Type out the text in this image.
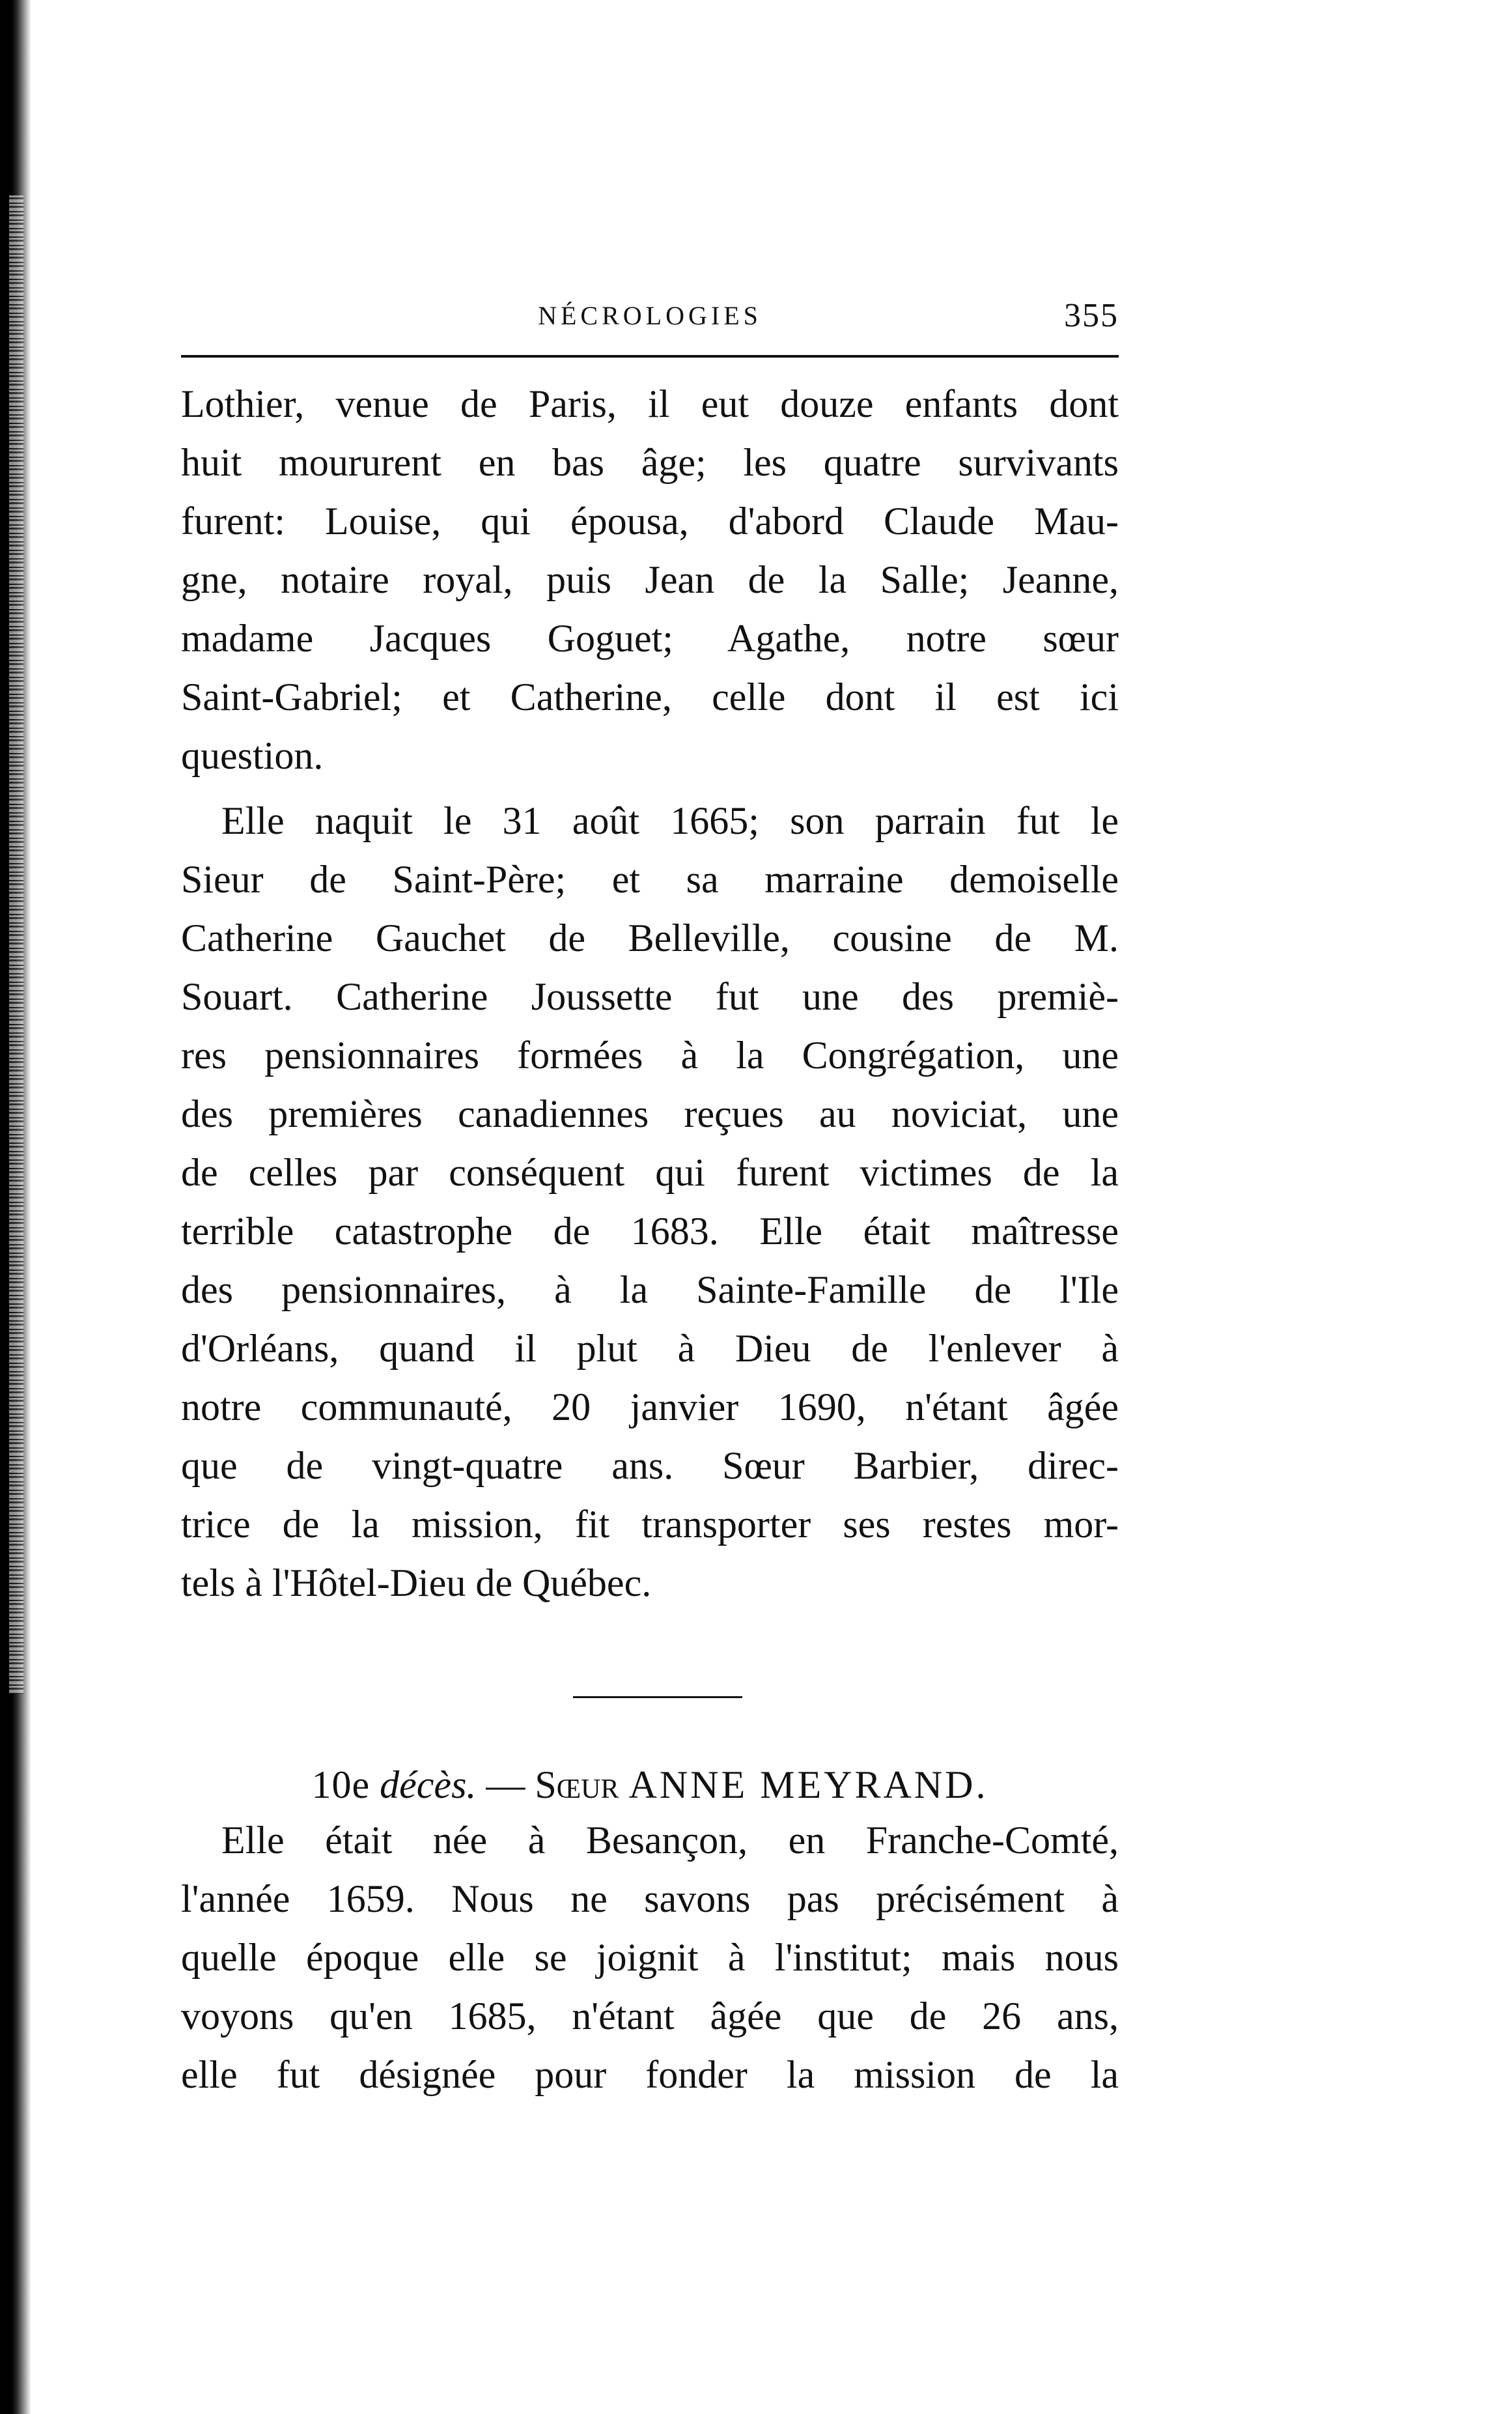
NÉCROLOGIES	355
Lothier, venue de Paris, il eut douze enfants dont
huit moururent en bas âge; les quatre survivants
furent: Louise, qui épousa, d'abord Claude Mau-
gne, notaire royal, puis Jean de la Salle; Jeanne,
madame Jacques Goguet; Agathe, notre sœur
Saint-Gabriel; et Catherine, celle dont il est ici
question.
Elle naquit le 31 août 1665; son parrain fut le
Sieur de Saint-Père; et sa marraine demoiselle
Catherine Gauchet de Belleville, cousine de M.
Souart. Catherine Joussette fut une des premiè-
res pensionnaires formées à la Congrégation, une
des premières canadiennes reçues au noviciat, une
de celles par conséquent qui furent victimes de la
terrible catastrophe de 1683. Elle était maîtresse
des pensionnaires, à la Sainte-Famille de l'Ile
d'Orléans, quand il plut à Dieu de l'enlever à
notre communauté, 20 janvier 1690, n'étant âgée
que de vingt-quatre ans. Sœur Barbier, direc-
trice de la mission, fit transporter ses restes mor-
tels à l'Hôtel-Dieu de Québec.
10e décès. — Sœur ANNE MEYRAND.
Elle était née à Besançon, en Franche-Comté,
l'année 1659. Nous ne savons pas précisément à
quelle époque elle se joignit à l'institut; mais nous
voyons qu'en 1685, n'étant âgée que de 26 ans,
elle fut désignée pour fonder la mission de la
